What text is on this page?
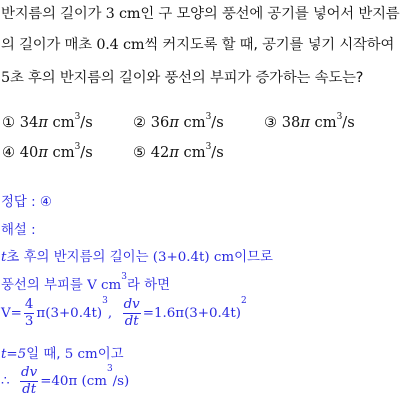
반지름의 길이가 3 cm인 구 모양의 풍선에 공기를 넣어서 반지름
의 길이가 매초 0.4 cm씩 커지도록 할 때, 공기를 넣기 시작하여
5초 후의 반지름의 길이와 풍선의 부피가 증가하는 속도는?
① 34π $cm^3/s$	② 36π $cm^3/s$	③ 38π $cm^3/s$
④ 40π $cm^3/s$	⑤ 42π $cm^3/s$
정답 : ④
해설 :
t초 후의 반지름의 길이는 (3+0.4t) cm이므로
풍선의 부피를 V $cm^3$라 하면
$V= \frac{4}{3} \pi(3+0.4t)^3$, $\frac{dv}{dt} =1.6\pi(3+0.4t)^2$
t=5일 때, 5 cm이고
∴ $\frac{dv}{dt} =40\pi$ $(cm^3/s)$
